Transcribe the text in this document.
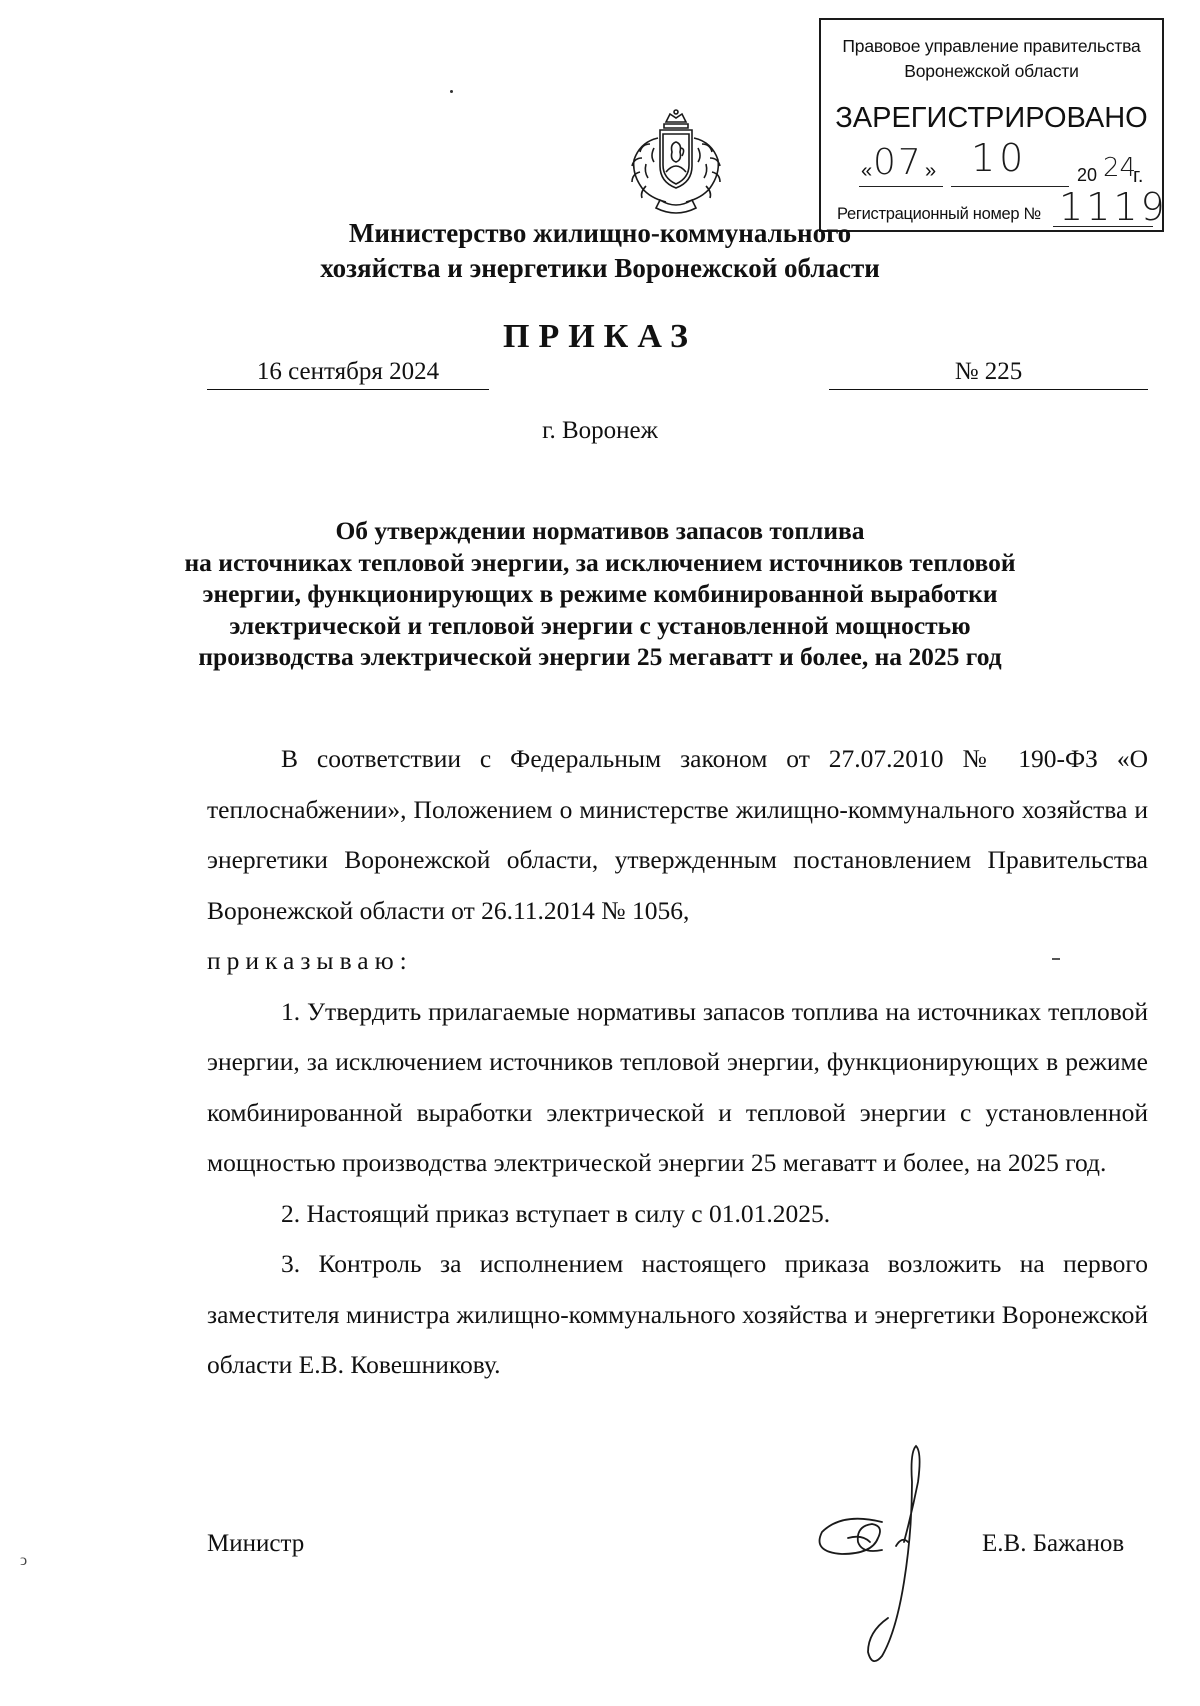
Правовое управление правительства
Воронежской области
ЗАРЕГИСТРИРОВАНО
« 07 » 10	20 24
г.
Регистрационный номер № 1119
Министерство жилищно-коммунального
хозяйства и энергетики Воронежской области
ПРИКАЗ
16 сентября 2024	№ 225
г. Воронеж
Об утверждении нормативов запасов топлива
на источниках тепловой энергии, за исключением источников тепловой
энергии, функционирующих в режиме комбинированной выработки
электрической и тепловой энергии с установленной мощностью
производства электрической энергии 25 мегаватт и более, на 2025 год

В соответствии с Федеральным законом от 27.07.2010 № 190-ФЗ «О теплоснабжении», Положением о министерстве жилищно-коммунального хозяйства и энергетики Воронежской области, утвержденным постановлением Правительства Воронежской области от 26.11.2014 № 1056,

приказываю:

1. Утвердить прилагаемые нормативы запасов топлива на источниках тепловой энергии, за исключением источников тепловой энергии, функционирующих в режиме комбинированной выработки электрической и тепловой энергии с установленной мощностью производства электрической энергии 25 мегаватт и более, на 2025 год.

2. Настоящий приказ вступает в силу с 01.01.2025.

3. Контроль за исполнением настоящего приказа возложить на первого заместителя министра жилищно-коммунального хозяйства и энергетики Воронежской области Е.В. Ковешникову.

Министр	Е.В. Бажанов
ↄ
